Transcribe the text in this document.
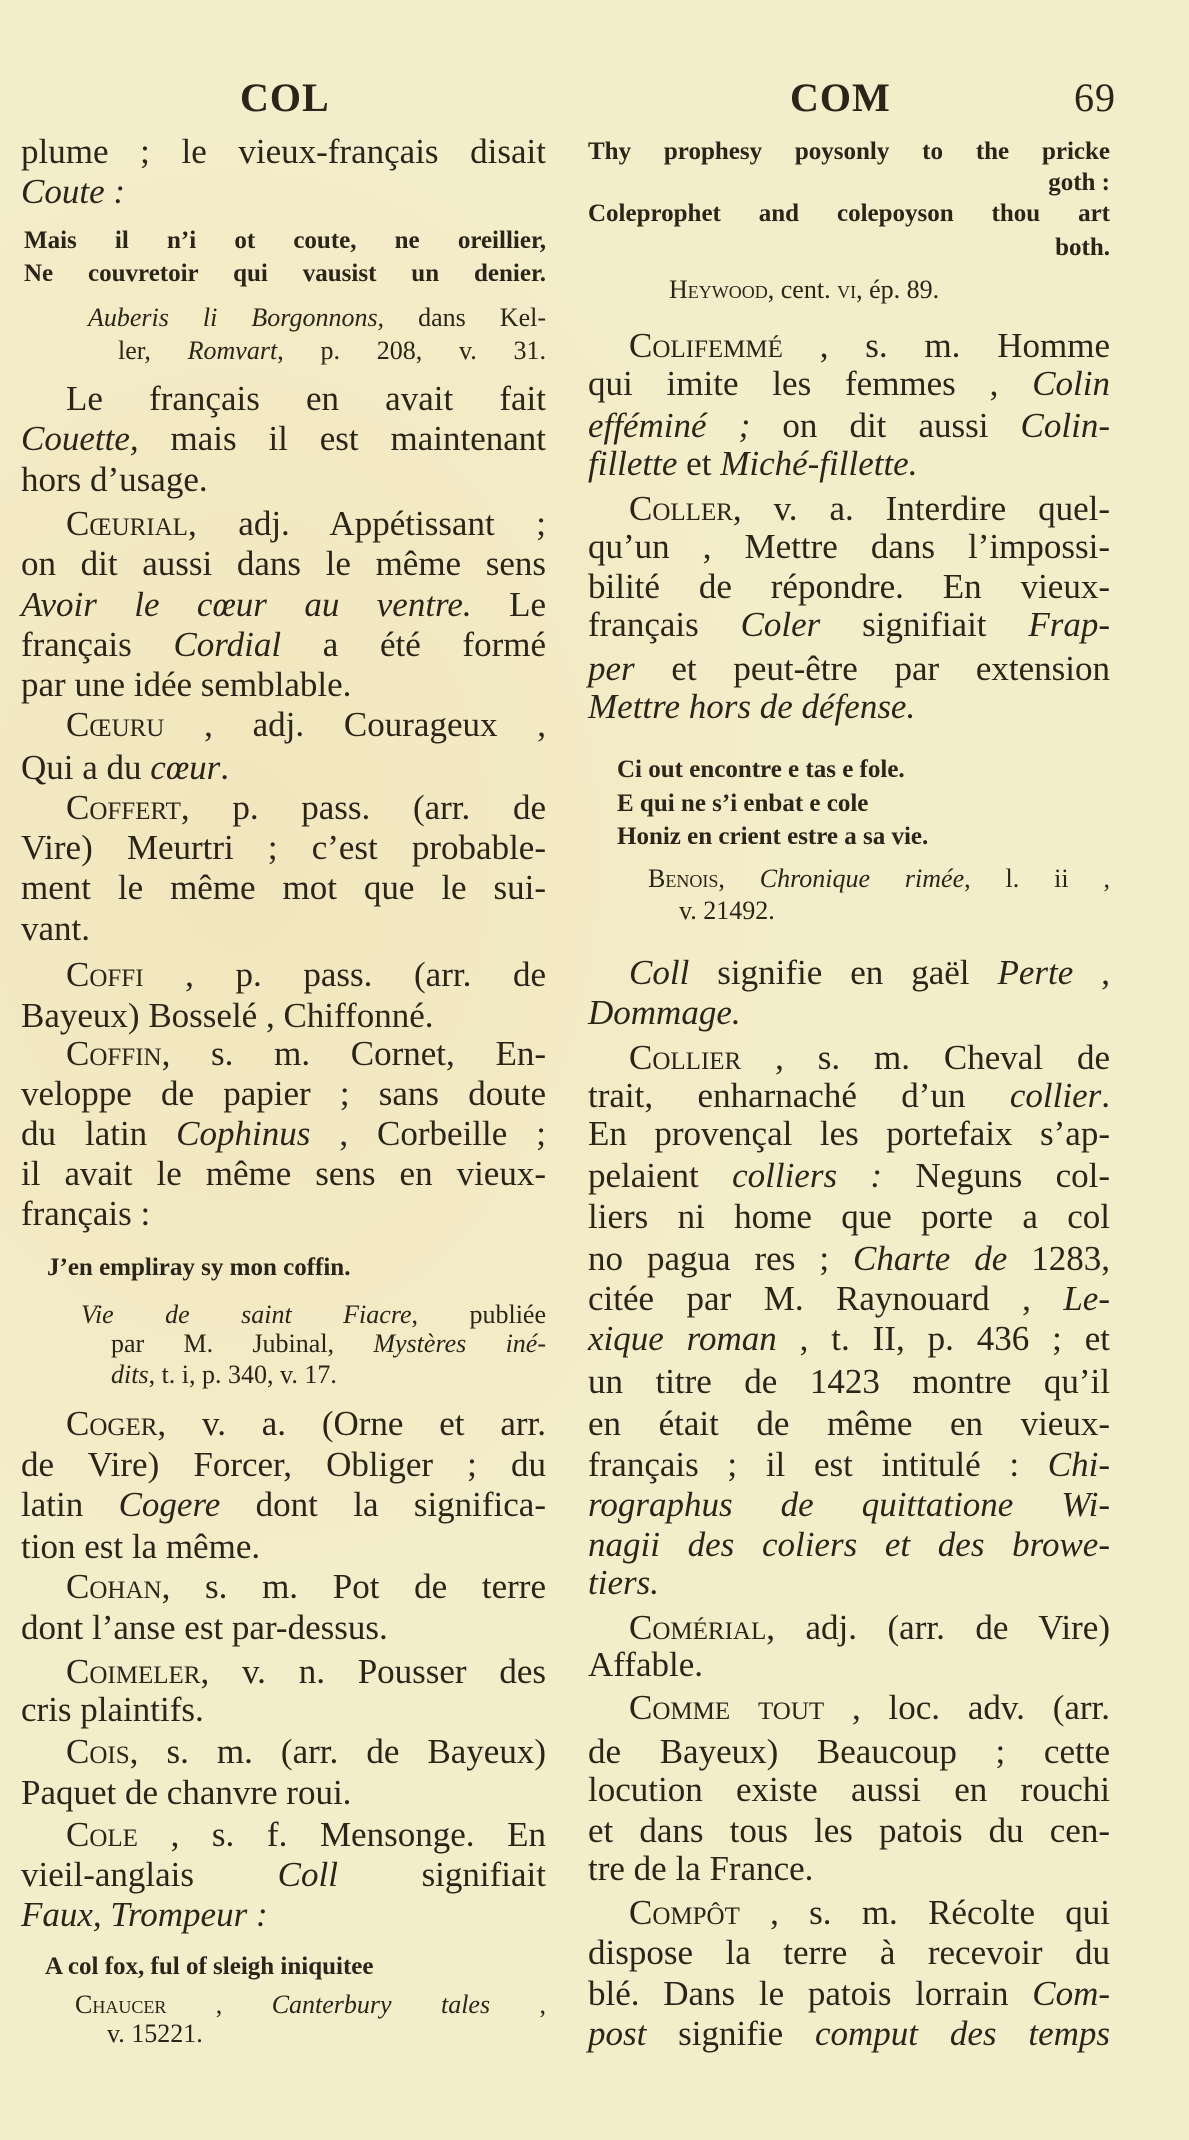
COL	COM	69
plume ; le vieux-français disait
Coute :
Mais il n’i ot coute, ne oreillier,
Ne couvretoir qui vausist un denier.
Auberis li Borgonnons, dans Kel-
ler, Romvart, p. 208, v. 31.
Le français en avait fait
Couette, mais il est maintenant
hors d’usage.
Cœurial, adj. Appétissant ;
on dit aussi dans le même sens
Avoir le cœur au ventre. Le
français Cordial a été formé
par une idée semblable.
Cœuru , adj. Courageux ,
Qui a du cœur.
Coffert, p. pass. (arr. de
Vire) Meurtri ; c’est probable-
ment le même mot que le sui-
vant.
Coffi , p. pass. (arr. de
Bayeux) Bosselé , Chiffonné.
Coffin, s. m. Cornet, En-
veloppe de papier ; sans doute
du latin Cophinus , Corbeille ;
il avait le même sens en vieux-
français :
J’en empliray sy mon coffin.
Vie de saint Fiacre, publiée
par M. Jubinal, Mystères iné-
dits, t. i, p. 340, v. 17.
Coger, v. a. (Orne et arr.
de Vire) Forcer, Obliger ; du
latin Cogere dont la significa-
tion est la même.
Cohan, s. m. Pot de terre
dont l’anse est par-dessus.
Coimeler, v. n. Pousser des
cris plaintifs.
Cois, s. m. (arr. de Bayeux)
Paquet de chanvre roui.
Cole , s. f. Mensonge. En
vieil-anglais Coll signifiait
Faux, Trompeur :
A col fox, ful of sleigh iniquitee
Chaucer , Canterbury tales ,
v. 15221.
Thy prophesy poysonly to the pricke
goth :
Coleprophet and colepoyson thou art
both.
Heywood, cent. vi, ép. 89.
Colifemmé , s. m. Homme
qui imite les femmes , Colin
efféminé ; on dit aussi Colin-
fillette et Miché-fillette.
Coller, v. a. Interdire quel-
qu’un , Mettre dans l’impossi-
bilité de répondre. En vieux-
français Coler signifiait Frap-
per et peut-être par extension
Mettre hors de défense.
Ci out encontre e tas e fole.
E qui ne s’i enbat e cole
Honiz en crient estre a sa vie.
Benois, Chronique rimée, l. ii ,
v. 21492.
Coll signifie en gaël Perte ,
Dommage.
Collier , s. m. Cheval de
trait, enharnaché d’un collier.
En provençal les portefaix s’ap-
pelaient colliers : Neguns col-
liers ni home que porte a col
no pagua res ; Charte de 1283,
citée par M. Raynouard , Le-
xique roman , t. II, p. 436 ; et
un titre de 1423 montre qu’il
en était de même en vieux-
français ; il est intitulé : Chi-
rographus de quittatione Wi-
nagii des coliers et des browe-
tiers.
Comérial, adj. (arr. de Vire)
Affable.
Comme tout , loc. adv. (arr.
de Bayeux) Beaucoup ; cette
locution existe aussi en rouchi
et dans tous les patois du cen-
tre de la France.
Compôt , s. m. Récolte qui
dispose la terre à recevoir du
blé. Dans le patois lorrain Com-
post signifie comput des temps
